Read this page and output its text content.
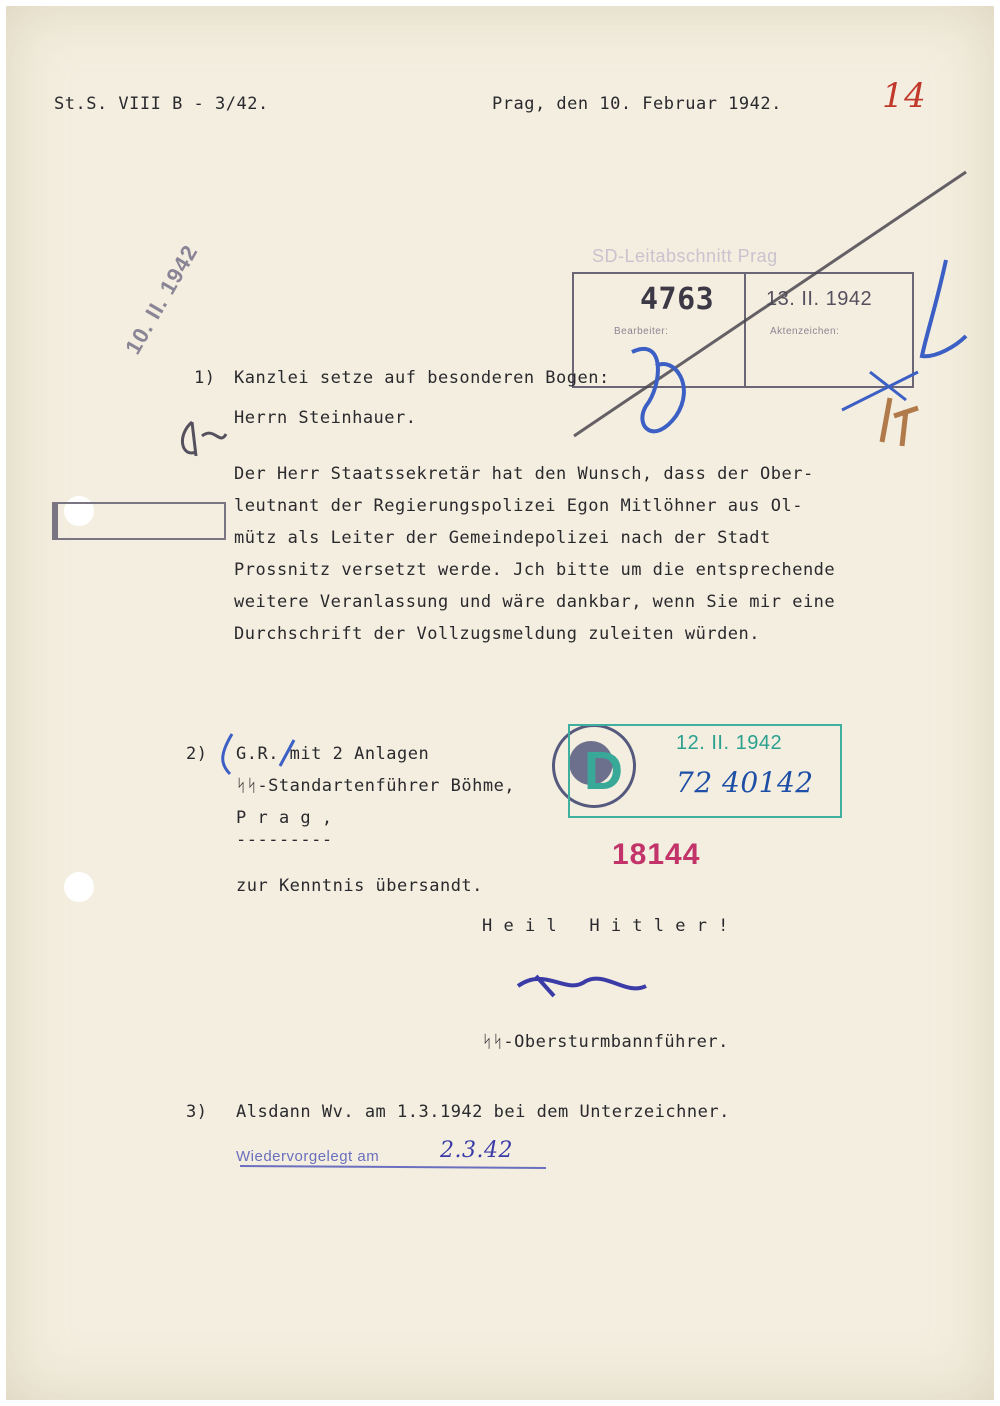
St.S. VIII B - 3/42.	Prag, den 10. Februar 1942.	14
SD-Leitabschnitt Prag
4763	13. II. 1942
Bearbeiter:	Aktenzeichen:
10. II. 1942
1) Kanzlei setze auf besonderen Bogen:
Herrn Steinhauer.
Der Herr Staatssekretär hat den Wunsch, dass der Ober-
leutnant der Regierungspolizei Egon Mitlöhner aus Ol-
mütz als Leiter der Gemeindepolizei nach der Stadt
Prossnitz versetzt werde. Jch bitte um die entsprechende
weitere Veranlassung und wäre dankbar, wenn Sie mir eine
Durchschrift der Vollzugsmeldung zuleiten würden.
2) G.R. mit 2 Anlagen
ᛋᛋ-Standartenführer Böhme,
P r a g ,
---------
zur Kenntnis übersandt.
D	12. II. 1942
72 40142
18144
H e i l   H i t l e r !
ᛋᛋ-Obersturmbannführer.
3) Alsdann Wv. am 1.3.1942 bei dem Unterzeichner.
Wiedervorgelegt am	2.3.42
